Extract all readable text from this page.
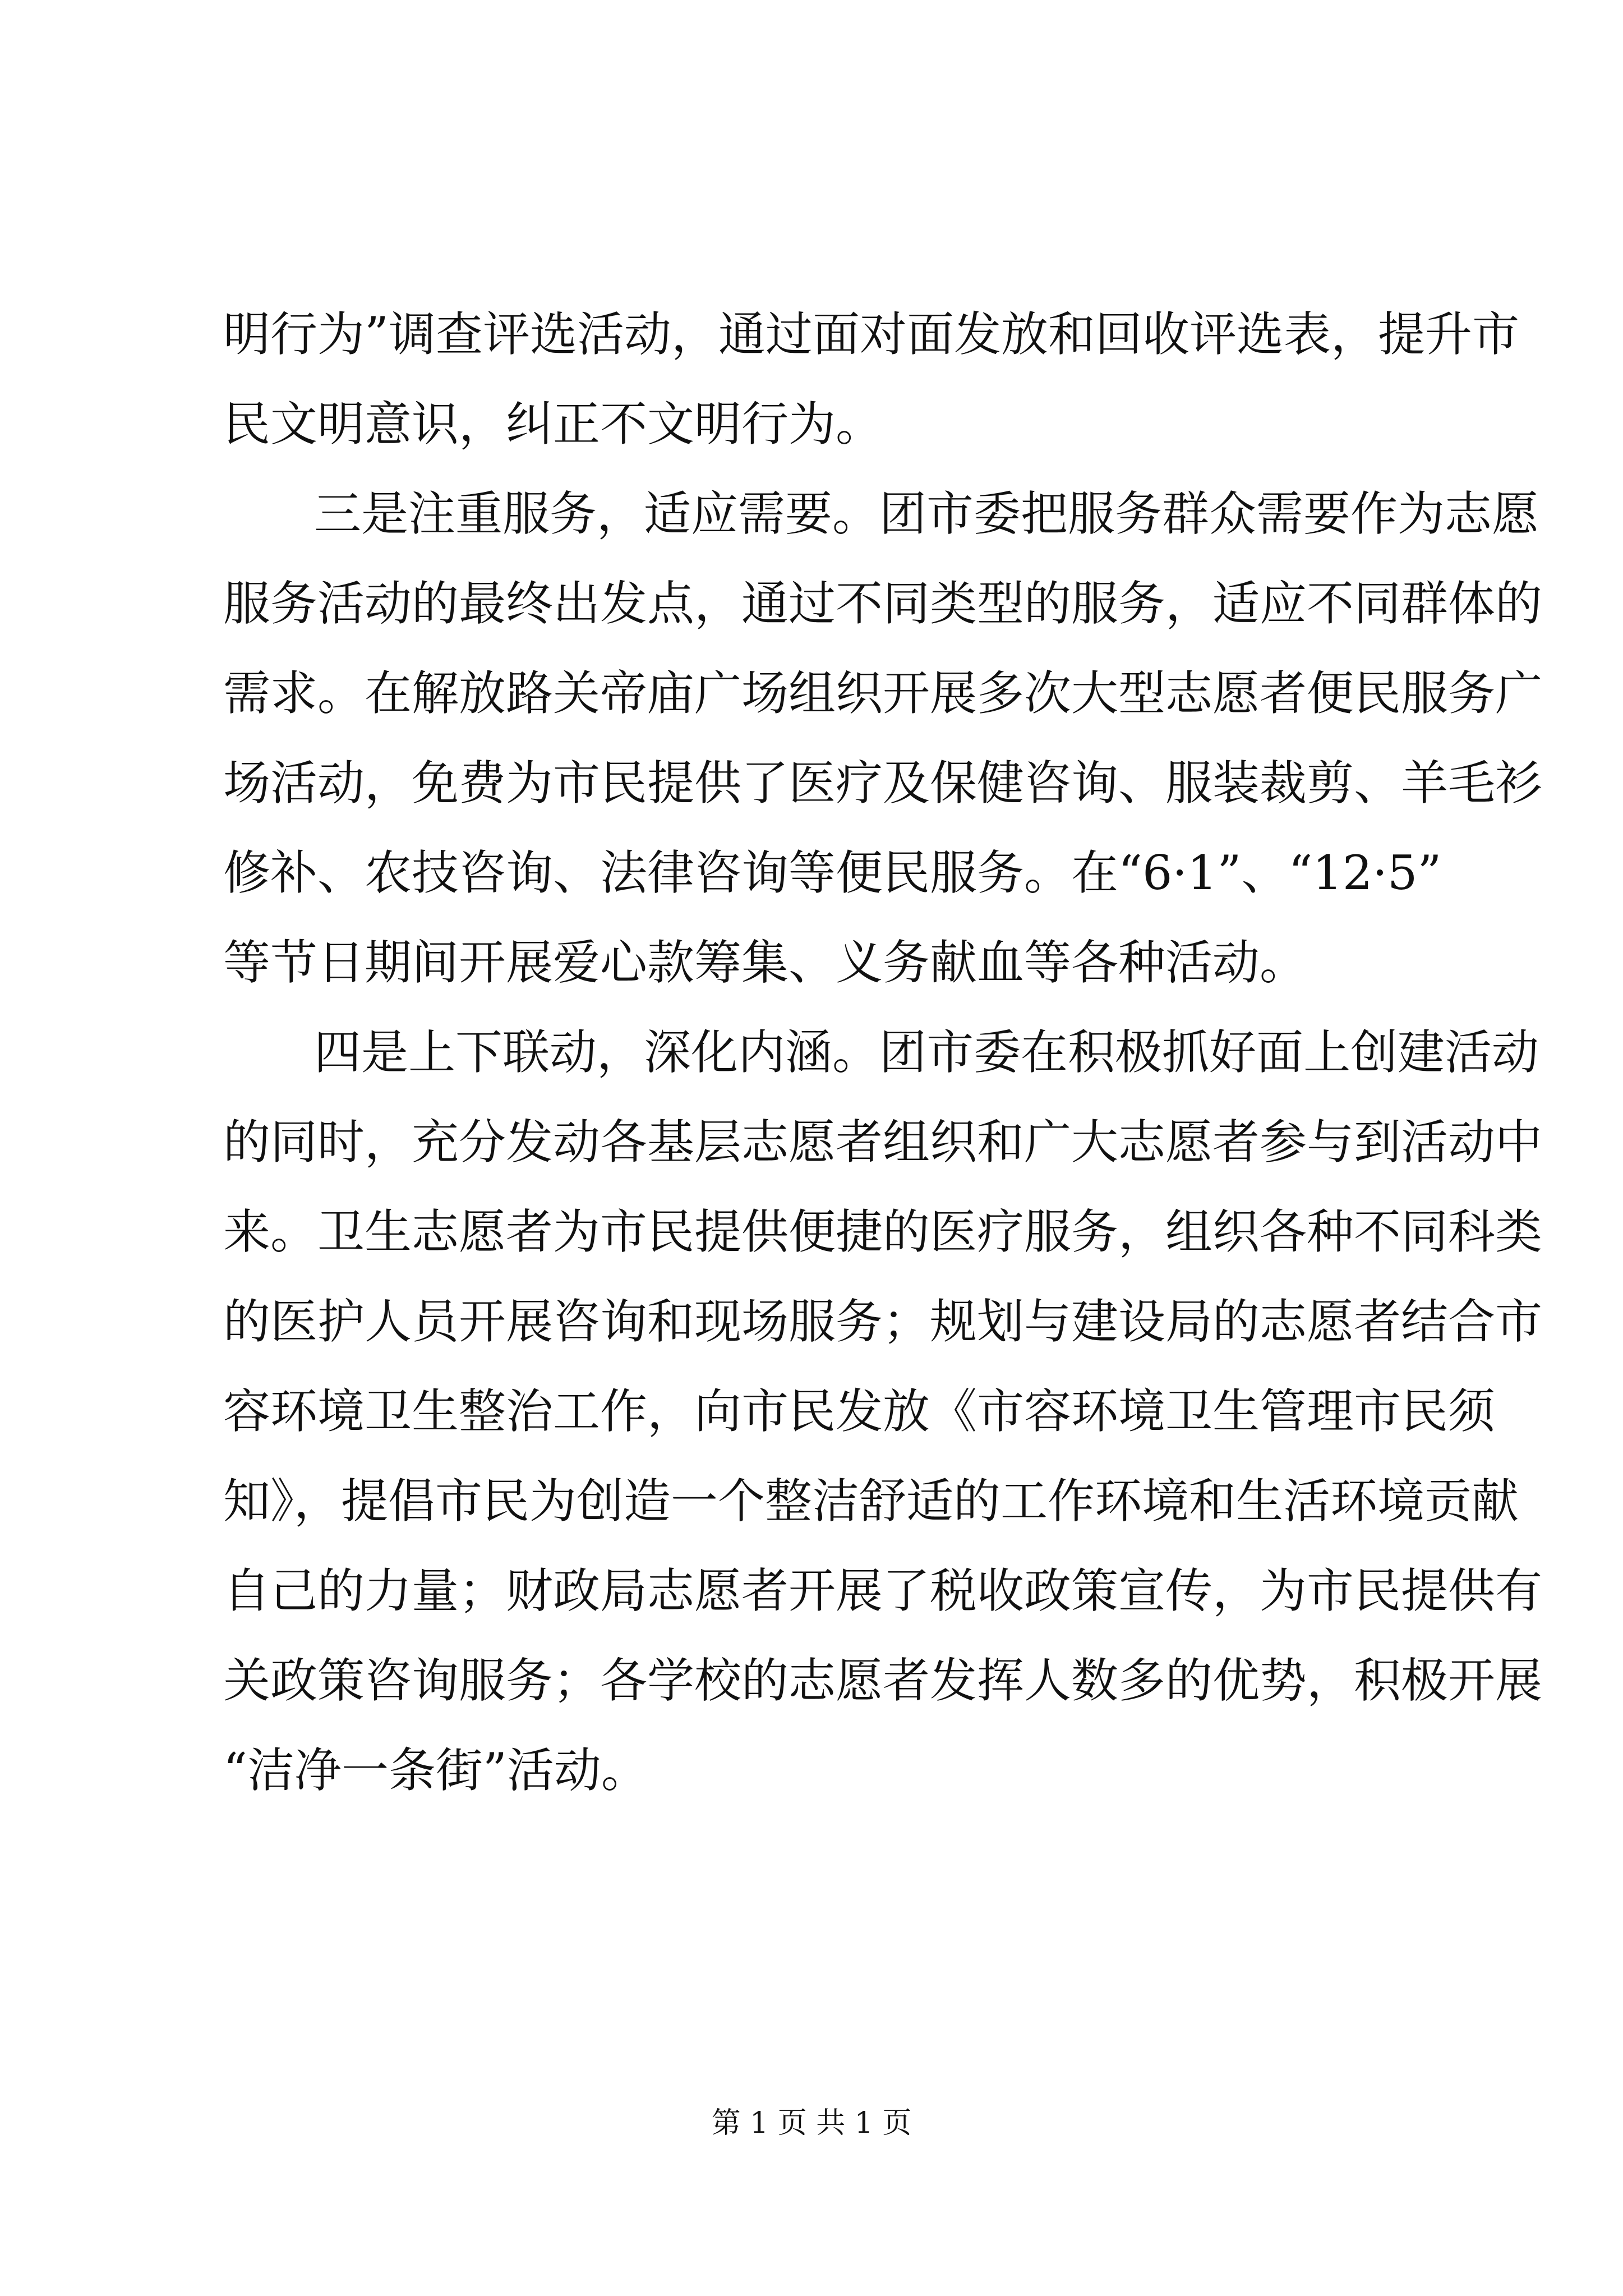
明行为”调查评选活动，通过面对面发放和回收评选表，提升市
民文明意识，纠正不文明行为。
三是注重服务，适应需要。团市委把服务群众需要作为志愿
服务活动的最终出发点，通过不同类型的服务，适应不同群体的
需求。在解放路关帝庙广场组织开展多次大型志愿者便民服务广
场活动，免费为市民提供了医疗及保健咨询、服装裁剪、羊毛衫
修补、农技咨询、法律咨询等便民服务。在“6·1”、“12·5”
等节日期间开展爱心款筹集、义务献血等各种活动。
四是上下联动，深化内涵。团市委在积极抓好面上创建活动
的同时，充分发动各基层志愿者组织和广大志愿者参与到活动中
来。卫生志愿者为市民提供便捷的医疗服务，组织各种不同科类
的医护人员开展咨询和现场服务；规划与建设局的志愿者结合市
容环境卫生整治工作，向市民发放《市容环境卫生管理市民须
知》，提倡市民为创造一个整洁舒适的工作环境和生活环境贡献
自己的力量；财政局志愿者开展了税收政策宣传，为市民提供有
关政策咨询服务；各学校的志愿者发挥人数多的优势，积极开展
“洁净一条街”活动。
第 1 页 共 1 页
